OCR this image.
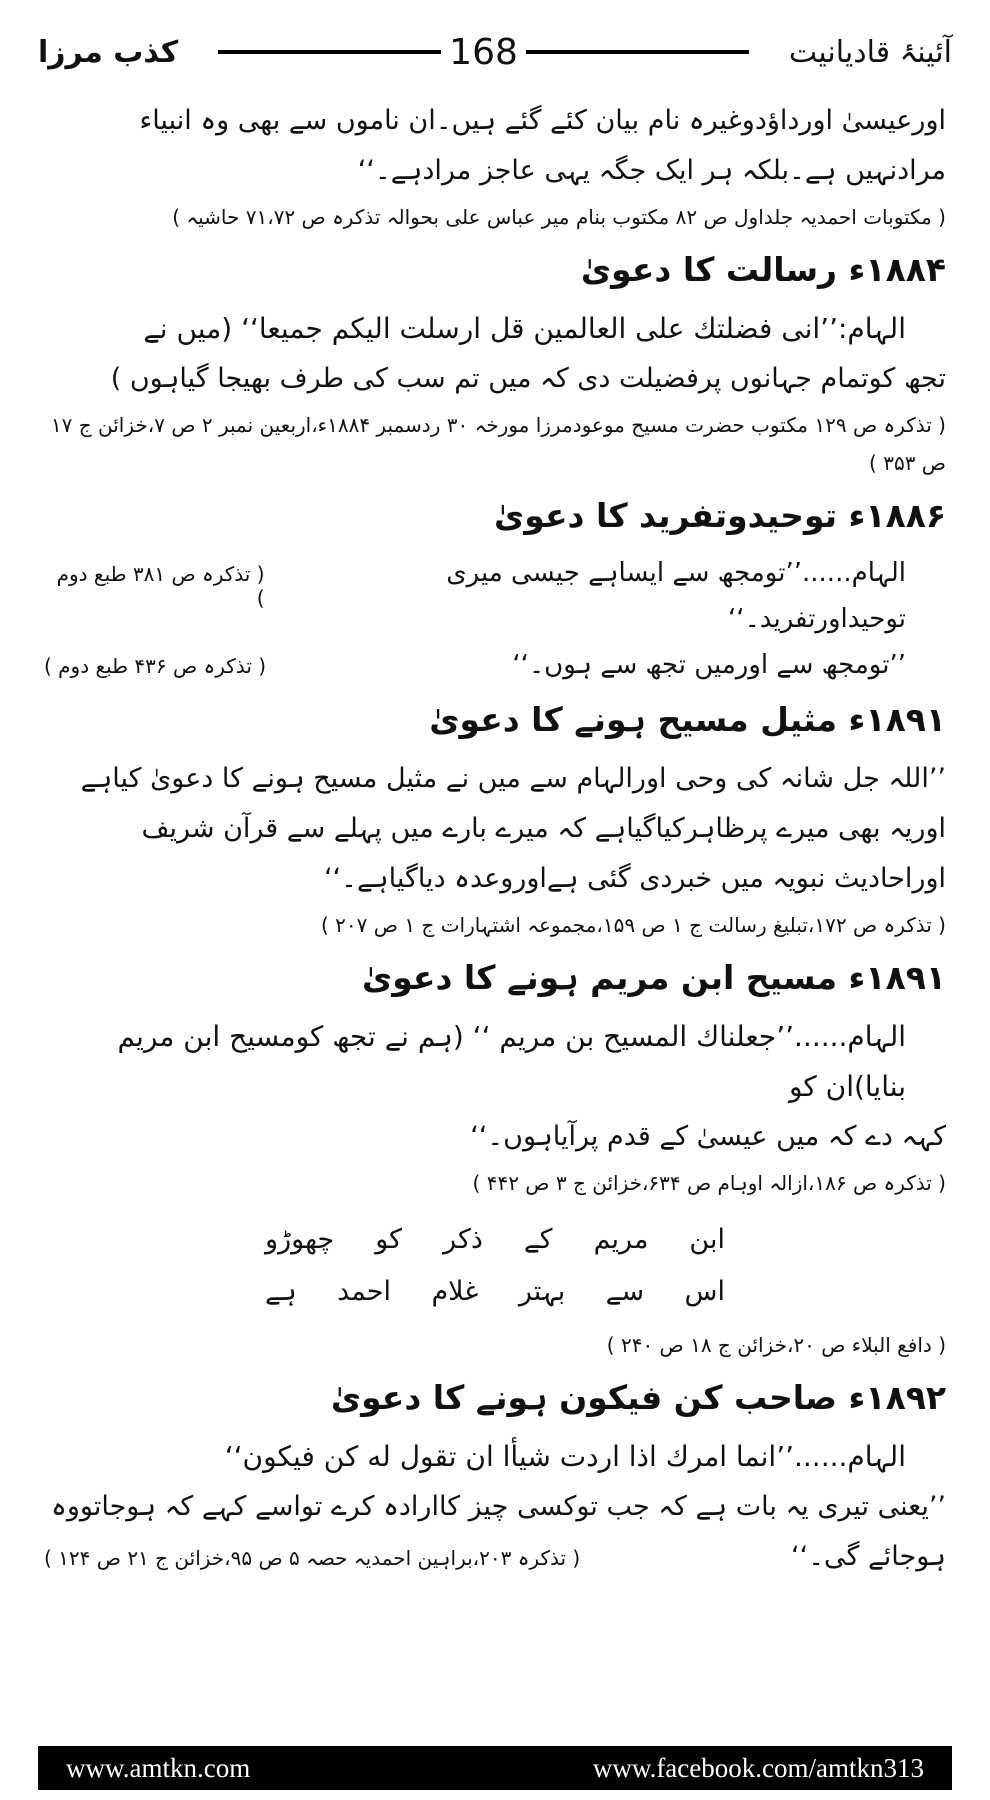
کذب مرزا	168	آئینۂ قادیانیت

اورعیسیٰ اورداؤدوغیرہ نام بیان کئے گئے ہیں۔ان ناموں سے بھی وہ انبیاء مرادنہیں ہے۔بلکہ ہر ایک جگہ یہی عاجز مرادہے۔‘‘

( مکتوبات احمدیہ جلداول ص ۸۲ مکتوب بنام میر عباس علی بحوالہ تذکرہ ص ۷۱،۷۲ حاشیہ )
۱۸۸۴ء رسالت کا دعویٰ

الہام:’’انی فضلتك علی العالمین قل ارسلت الیكم جمیعا‘‘ (میں نے

تجھ کوتمام جہانوں پرفضیلت دی کہ میں تم سب کی طرف بھیجا گیاہوں )

( تذکرہ ص ۱۲۹ مکتوب حضرت مسیح موعودمرزا مورخہ ۳۰ ردسمبر ۱۸۸۴ء،اربعین نمبر ۲ ص ۷،خزائن ج ۱۷ ص ۳۵۳ )
۱۸۸۶ء توحیدوتفرید کا دعویٰ
الہام......’’تومجھ سے ایساہے جیسی میری توحیداورتفرید۔‘‘
( تذکرہ ص ۳۸۱ طبع دوم )
’’تومجھ سے اورمیں تجھ سے ہوں۔‘‘
( تذکرہ ص ۴۳۶ طبع دوم )
۱۸۹۱ء مثیل مسیح ہونے کا دعویٰ

’’اللہ جل شانہ کی وحی اورالہام سے میں نے مثیل مسیح ہونے کا دعویٰ کیاہے اوریہ بھی میرے پرظاہرکیاگیاہے کہ میرے بارے میں پہلے سے قرآن شریف اوراحادیث نبویہ میں خبردی گئی ہےاوروعدہ دیاگیاہے۔‘‘

( تذکرہ ص ۱۷۲،تبلیغ رسالت ج ۱ ص ۱۵۹،مجموعہ اشتہارات ج ۱ ص ۲۰۷ )
۱۸۹۱ء مسیح ابن مریم ہونے کا دعویٰ

الہام......’’جعلناك المسیح بن مریم ‘‘ (ہم نے تجھ کومسیح ابن مریم بنایا)ان کو

کہہ دے کہ میں عیسیٰ کے قدم پرآیاہوں۔‘‘

( تذکرہ ص ۱۸۶،ازالہ اوہام ص ۶۳۴،خزائن ج ۳ ص ۴۴۲ )
ابن
مریم
کے
ذکر
کو
چھوڑو
اس
سے
بہتر
غلام
احمد
ہے
( دافع البلاء ص ۲۰،خزائن ج ۱۸ ص ۲۴۰ )
۱۸۹۲ء صاحب کن فیکون ہونے کا دعویٰ

الہام......’’انما امرك اذا اردت شیأا ان تقول له كن فیكون‘‘

’’یعنی تیری یہ بات ہے کہ جب توکسی چیز کاارادہ کرے تواسے کہے کہ ہوجاتووہ

ہوجائے گی۔‘‘
( تذکرہ ۲۰۳،براہین احمدیہ حصہ ۵ ص ۹۵،خزائن ج ۲۱ ص ۱۲۴ )
www.amtkn.com	www.facebook.com/amtkn313
